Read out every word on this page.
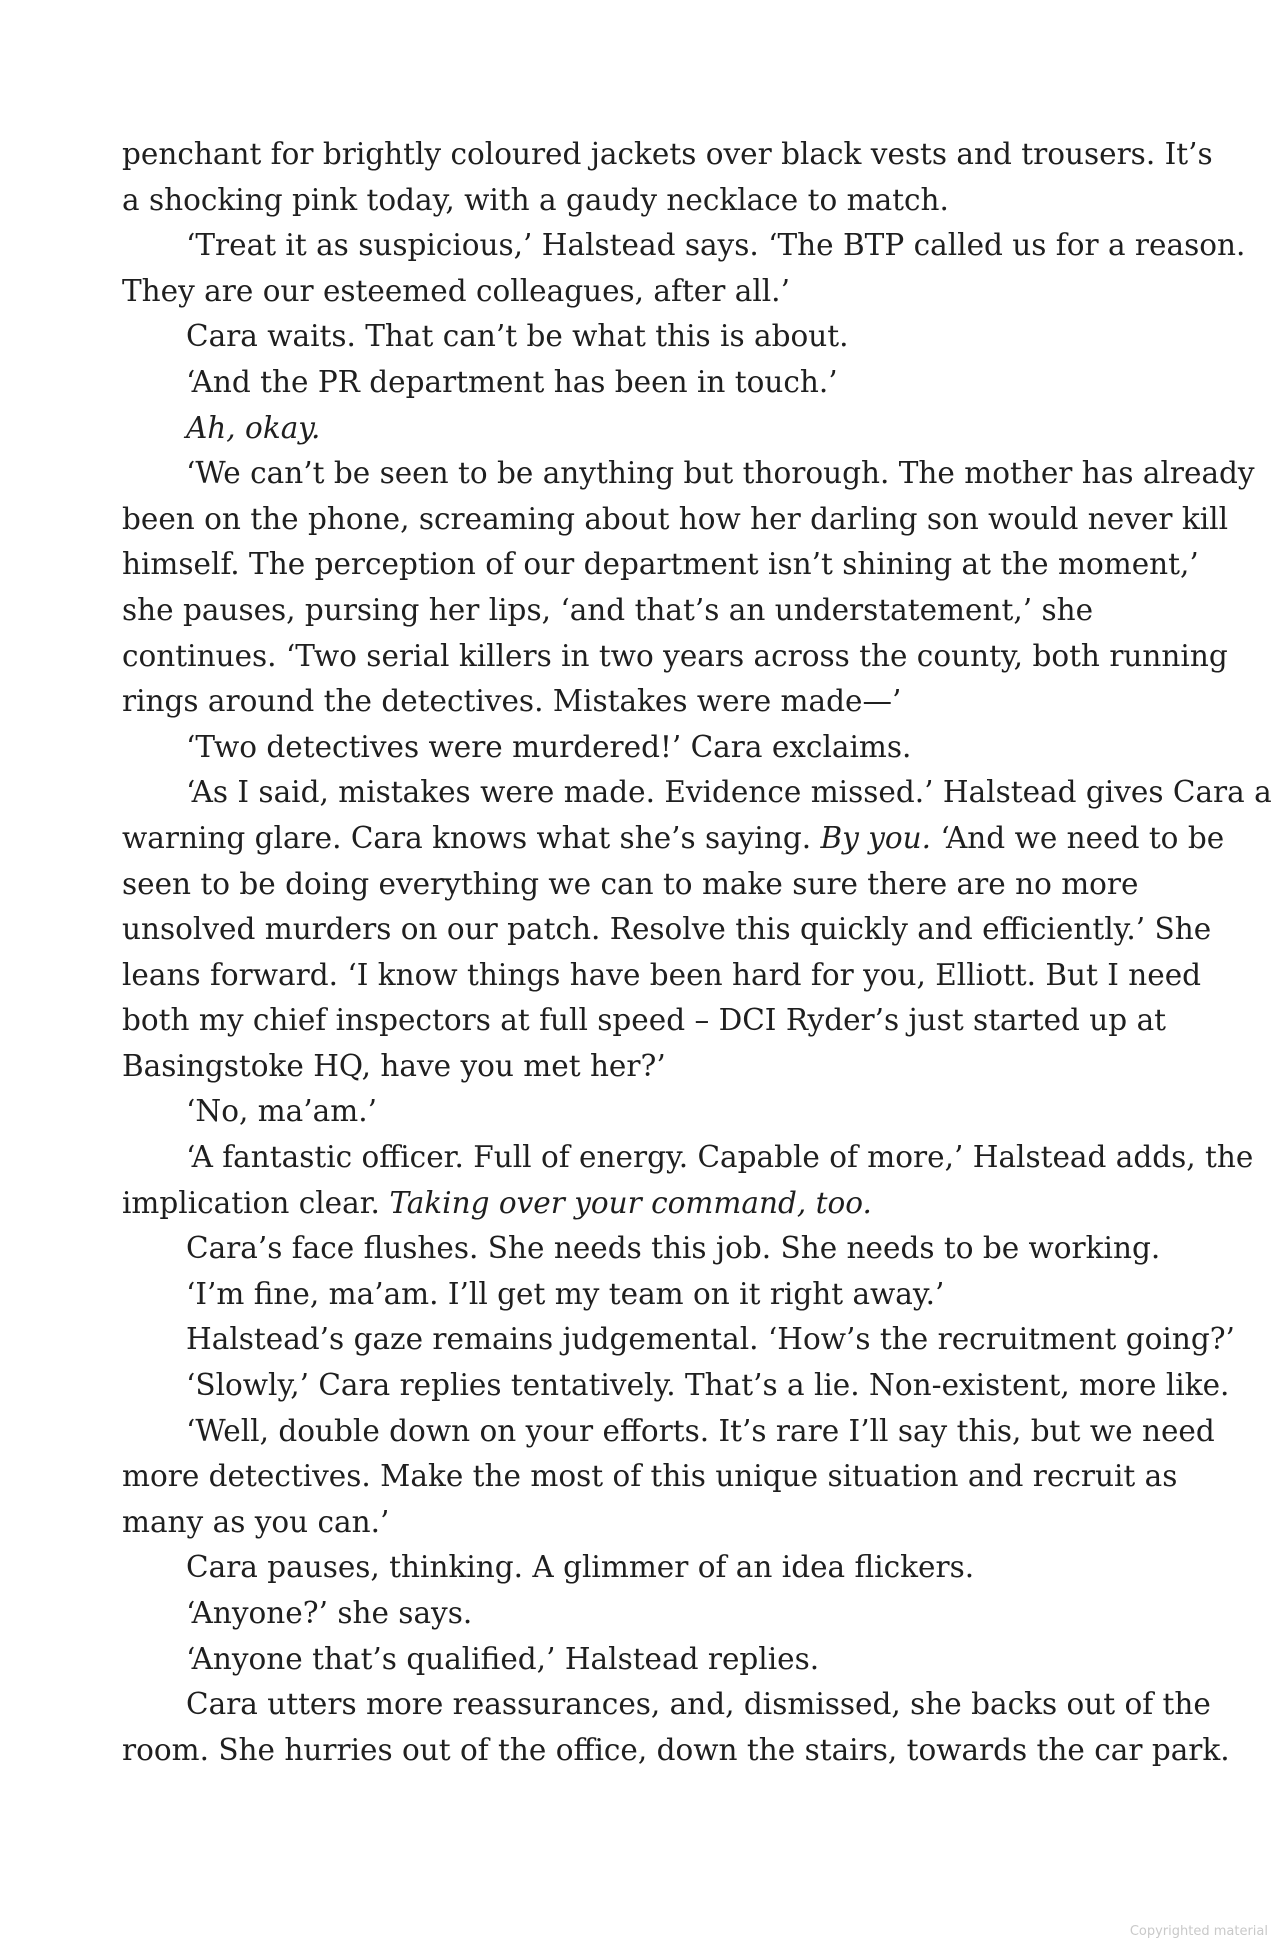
penchant for brightly coloured jackets over black vests and trousers. It’s
a shocking pink today, with a gaudy necklace to match.
‘Treat it as suspicious,’ Halstead says. ‘The BTP called us for a reason.
They are our esteemed colleagues, after all.’
Cara waits. That can’t be what this is about.
‘And the PR department has been in touch.’
Ah, okay.
‘We can’t be seen to be anything but thorough. The mother has already
been on the phone, screaming about how her darling son would never kill
himself. The perception of our department isn’t shining at the moment,’
she pauses, pursing her lips, ‘and that’s an understatement,’ she
continues. ‘Two serial killers in two years across the county, both running
rings around the detectives. Mistakes were made—’
‘Two detectives were murdered!’ Cara exclaims.
‘As I said, mistakes were made. Evidence missed.’ Halstead gives Cara a
warning glare. Cara knows what she’s saying. By you. ‘And we need to be
seen to be doing everything we can to make sure there are no more
unsolved murders on our patch. Resolve this quickly and efficiently.’ She
leans forward. ‘I know things have been hard for you, Elliott. But I need
both my chief inspectors at full speed – DCI Ryder’s just started up at
Basingstoke HQ, have you met her?’
‘No, ma’am.’
‘A fantastic officer. Full of energy. Capable of more,’ Halstead adds, the
implication clear. Taking over your command, too.
Cara’s face flushes. She needs this job. She needs to be working.
‘I’m fine, ma’am. I’ll get my team on it right away.’
Halstead’s gaze remains judgemental. ‘How’s the recruitment going?’
‘Slowly,’ Cara replies tentatively. That’s a lie. Non-existent, more like.
‘Well, double down on your efforts. It’s rare I’ll say this, but we need
more detectives. Make the most of this unique situation and recruit as
many as you can.’
Cara pauses, thinking. A glimmer of an idea flickers.
‘Anyone?’ she says.
‘Anyone that’s qualified,’ Halstead replies.
Cara utters more reassurances, and, dismissed, she backs out of the
room. She hurries out of the office, down the stairs, towards the car park.
Copyrighted material
